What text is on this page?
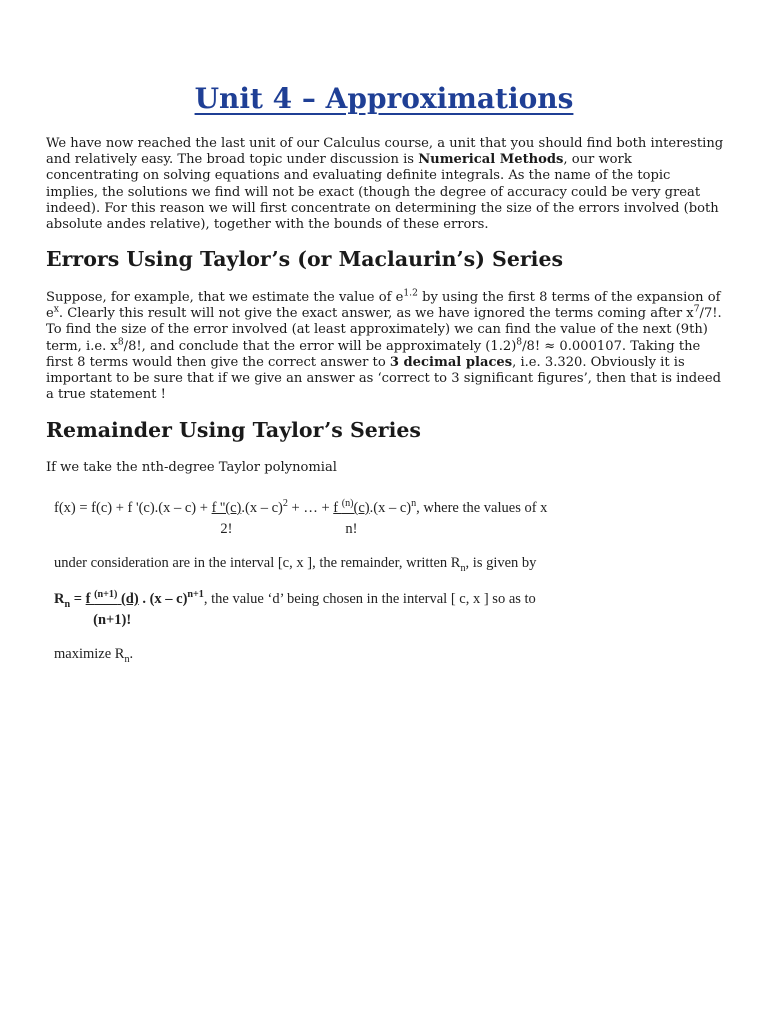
Unit 4 – Approximations
We have now reached the last unit of our Calculus course, a unit that you should find both interesting and relatively easy. The broad topic under discussion is Numerical Methods, our work concentrating on solving equations and evaluating definite integrals. As the name of the topic implies, the solutions we find will not be exact (though the degree of accuracy could be very great indeed). For this reason we will first concentrate on determining the size of the errors involved (both absolute andes relative), together with the bounds of these errors.
Errors Using Taylor’s (or Maclaurin’s) Series
Suppose, for example, that we estimate the value of $e^{1.2}$ by using the first 8 terms of the expansion of $e^x$. Clearly this result will not give the exact answer, as we have ignored the terms coming after $x^7/7$!. To find the size of the error involved (at least approximately) we can find the value of the next (9th) term, i.e. $x^8/8$!, and conclude that the error will be approximately $(1.2)^8/8$! ≈ 0.000107. Taking the first 8 terms would then give the correct answer to 3 decimal places, i.e. 3.320. Obviously it is important to be sure that if we give an answer as ‘correct to 3 significant figures’, then that is indeed a true statement !
Remainder Using Taylor’s Series
If we take the nth-degree Taylor polynomial
f(x) = f(c) + f '$(c).(x - c) + \frac{f ''(c)}{2!} .(x - c)^2$ + … + $\frac{f ^{(n)}(c)}{n!} .(x - c)^n$, where the values of x
under consideration are in the interval [c, x ], the remainder, written $R_n$, is given by
$R_n = \frac{f ^{(n+1)} (d)}{(n+1)!}$ . (x – c)$^{n+1}$, the value ‘d’ being chosen in the interval [ c, x ] so as to
maximize $R_n$.
